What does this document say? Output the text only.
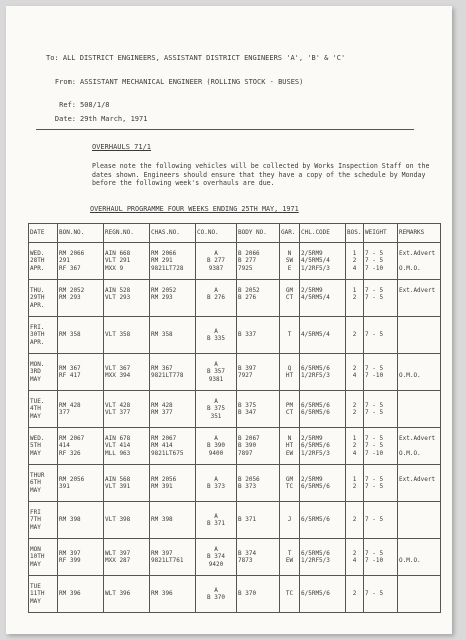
To: ALL DISTRICT ENGINEERS, ASSISTANT DISTRICT ENGINEERS 'A', 'B' & 'C'
From: ASSISTANT MECHANICAL ENGINEER (ROLLING STOCK - BUSES)
Ref: 508/1/8
Date: 29th March, 1971
OVERHAULS 71/1
Please note the following vehicles will be collected by Works Inspection Staff on the dates shown. Engineers should ensure that they have a copy of the schedule by Monday before the following week's overhauls are due.
OVERHAUL PROGRAMME FOUR WEEKS ENDING 25TH MAY, 1971
DATE	BON.NO.	REGN.NO.	CHAS.NO.	CO.NO.	BODY NO.	GAR.	CHL.CODE	BOS.	WEIGHT	REMARKS

WED.
28TH
APR.	RM 2066
291
RF 367	AIN 668
VLT 291
MXX 9	RM 2066
RM 291
9821LT728	A
B 277
9387	B 2066
B 277
7925	N
SW
E	2/5RM9
4/5RM5/4
1/2RF5/3	1
2
4	7 - 5
7 - 5
7 -10	Ext.Advert

O.M.O.

THU.
29TH
APR.	RM 2052
RM 293	AIN 528
VLT 293	RM 2052
RM 293	A
B 276	B 2052
B 276	GM
CT	2/5RM9
4/5RM5/4	1
2	7 - 5
7 - 5	Ext.Advert

FRI.
30TH
APR.	RM 358	VLT 358	RM 358	A
B 335	B 337	T	4/5RM5/4	2	7 - 5	

MON.
3RD
MAY	RM 367
RF 417	VLT 367
MXX 394	RM 367
9821LT778	A
B 357
9381	B 397
7927	Q
HT	6/5RM5/6
1/2RF5/3	2
4	7 - 5
7 -10	O.M.O.

TUE.
4TH
MAY	RM 428
377	VLT 428
VLT 377	RM 428
RM 377	A
B 375
351	B 375
B 347	PM
CT	6/5RM5/6
6/5RM5/6	2
2	7 - 5
7 - 5	

WED.
5TH
MAY	RM 2067
414
RF 326	AIN 678
VLT 414
MLL 963	RM 2067
RM 414
9821LT675	A
B 390
9400	B 2067
B 390
7897	N
HT
EW	2/5RM9
6/5RM5/6
1/2RF5/3	1
2
4	7 - 5
7 - 5
7 -10	Ext.Advert

O.M.O.

THUR
6TH
MAY	RM 2056
391	AIN 568
VLT 391	RM 2056
RM 391	A
B 373	B 2056
B 373	GM
TC	2/5RM9
6/5RM5/6	1
2	7 - 5
7 - 5	Ext.Advert

FRI
7TH
MAY	RM 398	VLT 398	RM 398	A
B 371	B 371	J	6/5RM5/6	2	7 - 5	

MON
10TH
MAY	RM 397
RF 399	WLT 397
MXX 287	RM 397
9821LT761	A
B 374
9420	B 374
7873	T
EW	6/5RM5/6
1/2RF5/3	2
4	7 - 5
7 -10	O.M.O.

TUE
11TH
MAY	RM 396	WLT 396	RM 396	A
B 370	B 370	TC	6/5RM5/6	2	7 - 5	
